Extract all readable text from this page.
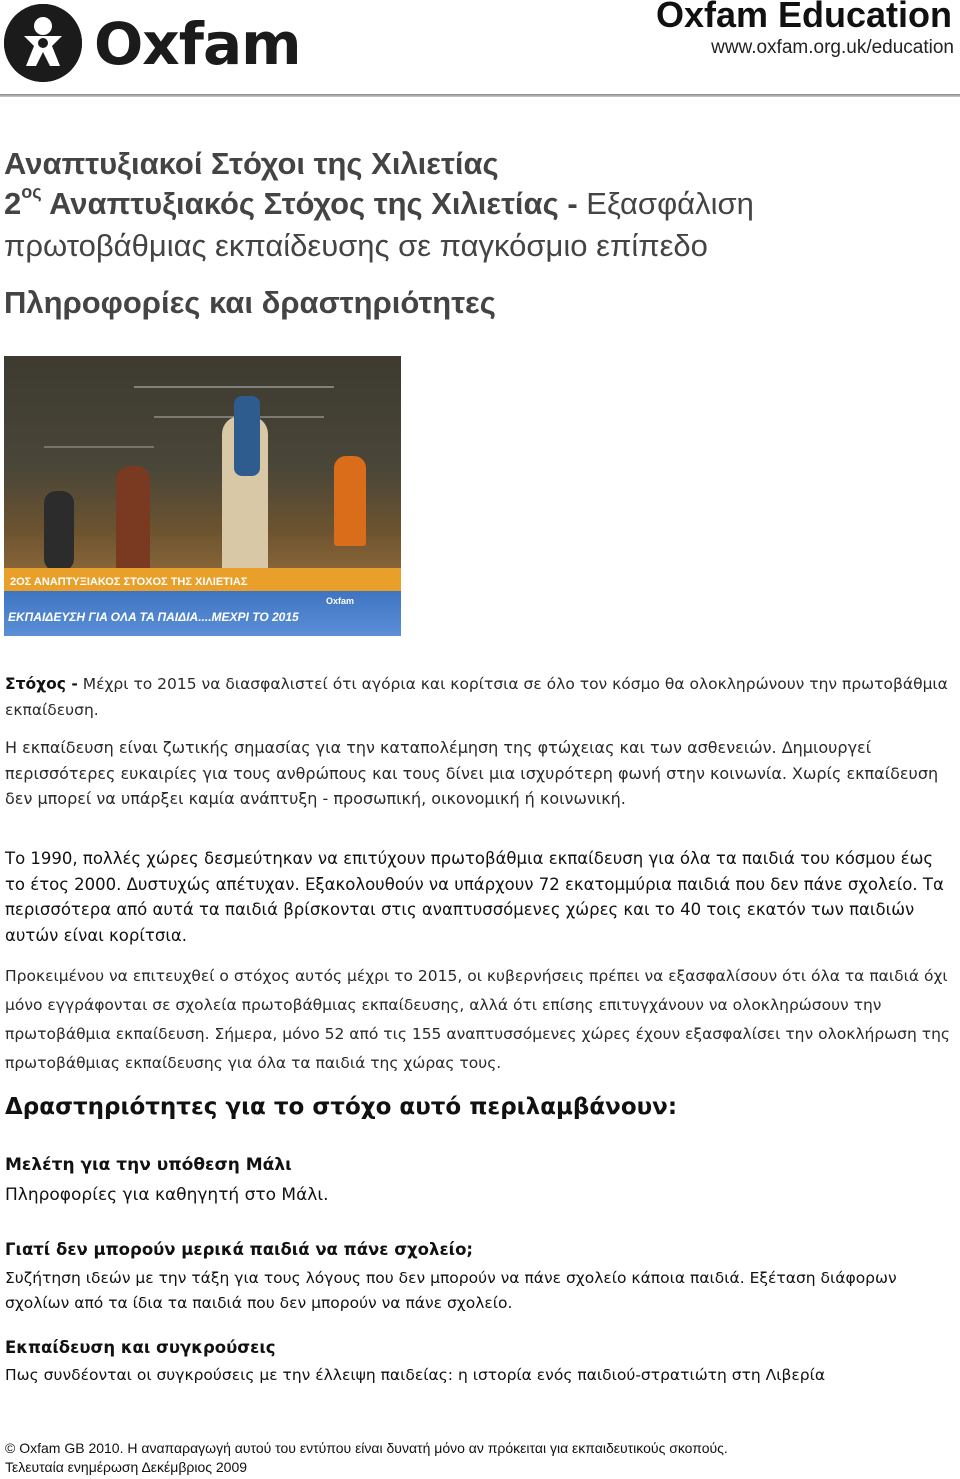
Oxfam	Oxfam Education
www.oxfam.org.uk/education
Αναπτυξιακοί Στόχοι της Χιλιετίας
$2^{o\varsigma}$ Αναπτυξιακός Στόχος της Χιλιετίας - Εξασφάλιση
πρωτοβάθμιας εκπαίδευσης σε παγκόσμιο επίπεδο
Πληροφορίες και δραστηριότητες
2ΟΣ ΑΝΑΠΤΥΞΙΑΚΟΣ ΣΤΟΧΟΣ ΤΗΣ ΧΙΛΙΕΤΙΑΣ
ΕΚΠΑΙΔΕΥΣΗ ΓΙΑ ΟΛΑ ΤΑ ΠΑΙΔΙΑ....ΜΕΧΡΙ ΤΟ 2015
Oxfam
Στόχος - Μέχρι το 2015 να διασφαλιστεί ότι αγόρια και κορίτσια σε όλο τον κόσμο θα ολοκληρώνουν την πρωτοβάθμια εκπαίδευση.
Η εκπαίδευση είναι ζωτικής σημασίας για την καταπολέμηση της φτώχειας και των ασθενειών. Δημιουργεί περισσότερες ευκαιρίες για τους ανθρώπους και τους δίνει μια ισχυρότερη φωνή στην κοινωνία. Χωρίς εκπαίδευση δεν μπορεί να υπάρξει καμία ανάπτυξη - προσωπική, οικονομική ή κοινωνική.
Το 1990, πολλές χώρες δεσμεύτηκαν να επιτύχουν πρωτοβάθμια εκπαίδευση για όλα τα παιδιά του κόσμου έως το έτος 2000. Δυστυχώς απέτυχαν. Εξακολουθούν να υπάρχουν 72 εκατομμύρια παιδιά που δεν πάνε σχολείο. Τα περισσότερα από αυτά τα παιδιά βρίσκονται στις αναπτυσσόμενες χώρες και το 40 τοις εκατόν των παιδιών αυτών είναι κορίτσια.
Προκειμένου να επιτευχθεί ο στόχος αυτός μέχρι το 2015, οι κυβερνήσεις πρέπει να εξασφαλίσουν ότι όλα τα παιδιά όχι μόνο εγγράφονται σε σχολεία πρωτοβάθμιας εκπαίδευσης, αλλά ότι επίσης επιτυγχάνουν να ολοκληρώσουν την πρωτοβάθμια εκπαίδευση. Σήμερα, μόνο 52 από τις 155 αναπτυσσόμενες χώρες έχουν εξασφαλίσει την ολοκλήρωση της πρωτοβάθμιας εκπαίδευσης για όλα τα παιδιά της χώρας τους.
Δραστηριότητες για το στόχο αυτό περιλαμβάνουν:
Μελέτη για την υπόθεση Μάλι
Πληροφορίες για καθηγητή στο Μάλι.
Γιατί δεν μπορούν μερικά παιδιά να πάνε σχολείο;
Συζήτηση ιδεών με την τάξη για τους λόγους που δεν μπορούν να πάνε σχολείο κάποια παιδιά. Εξέταση διάφορων σχολίων από τα ίδια τα παιδιά που δεν μπορούν να πάνε σχολείο.
Εκπαίδευση και συγκρούσεις
Πως συνδέονται οι συγκρούσεις με την έλλειψη παιδείας: η ιστορία ενός παιδιού-στρατιώτη στη Λιβερία
© Oxfam GB 2010. Η αναπαραγωγή αυτού του εντύπου είναι δυνατή μόνο αν πρόκειται για εκπαιδευτικούς σκοπούς.
Τελευταία ενημέρωση Δεκέμβριος 2009
